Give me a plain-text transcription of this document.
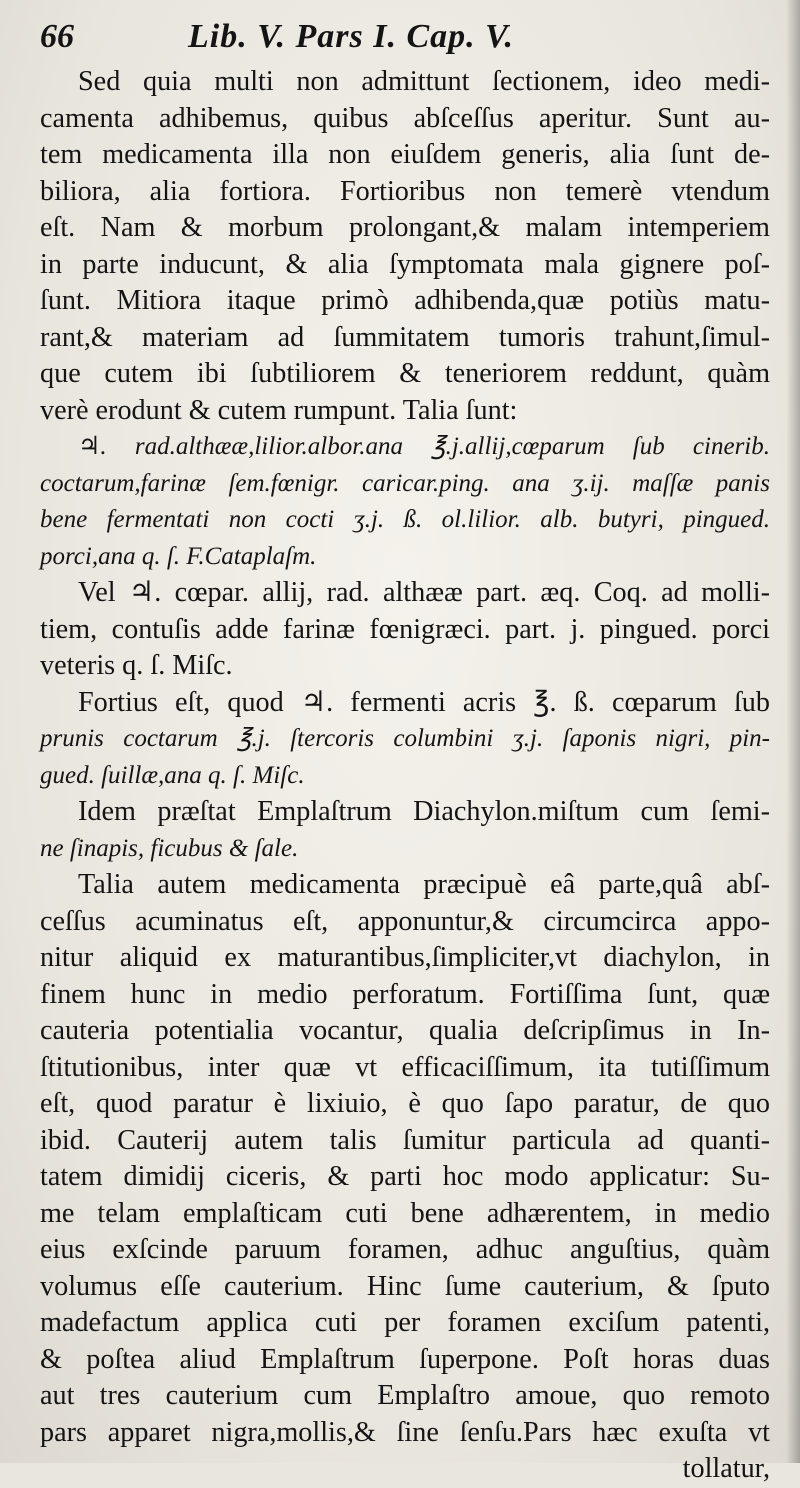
66	Lib. V. Pars I. Cap. V.
Sed quia multi non admittunt ſectionem, ideo medi-
camenta adhibemus, quibus abſceſſus aperitur. Sunt au-
tem medicamenta illa non eiuſdem generis, alia ſunt de-
biliora, alia fortiora. Fortioribus non temerè vtendum
eſt. Nam & morbum prolongant,& malam intemperiem
in parte inducunt, & alia ſymptomata mala gignere poſ-
ſunt. Mitiora itaque primò adhibenda,quæ potiùs matu-
rant,& materiam ad ſummitatem tumoris trahunt,ſimul-
que cutem ibi ſubtiliorem & teneriorem reddunt, quàm
verè erodunt & cutem rumpunt. Talia ſunt:
♃. rad.althææ,lilior.albor.ana ℥.j.allij,cœparum ſub cinerib.
coctarum,farinæ ſem.fœnigr. caricar.ping. ana ʒ.ij. maſſæ panis
bene fermentati non cocti ʒ.j. ß. ol.lilior. alb. butyri, pingued.
porci,ana q. ſ. F.Cataplaſm.
Vel ♃. cœpar. allij, rad. althææ part. æq. Coq. ad molli-
tiem, contuſis adde farinæ fœnigræci. part. j. pingued. porci
veteris q. ſ. Miſc.
Fortius eſt, quod ♃. fermenti acris ℥. ß. cœparum ſub
prunis coctarum ℥.j. ſtercoris columbini ʒ.j. ſaponis nigri, pin-
gued. ſuillæ,ana q. ſ. Miſc.
Idem præſtat Emplaſtrum Diachylon.miſtum cum ſemi-
ne ſinapis, ficubus & ſale.
Talia autem medicamenta præcipuè eâ parte,quâ abſ-
ceſſus acuminatus eſt, apponuntur,& circumcirca appo-
nitur aliquid ex maturantibus,ſimpliciter,vt diachylon, in
finem hunc in medio perforatum. Fortiſſima ſunt, quæ
cauteria potentialia vocantur, qualia deſcripſimus in In-
ſtitutionibus, inter quæ vt efficaciſſimum, ita tutiſſimum
eſt, quod paratur è lixiuio, è quo ſapo paratur, de quo
ibid. Cauterij autem talis ſumitur particula ad quanti-
tatem dimidij ciceris, & parti hoc modo applicatur: Su-
me telam emplaſticam cuti bene adhærentem, in medio
eius exſcinde paruum foramen, adhuc anguſtius, quàm
volumus eſſe cauterium. Hinc ſume cauterium, & ſputo
madefactum applica cuti per foramen exciſum patenti,
& poſtea aliud Emplaſtrum ſuperpone. Poſt horas duas
aut tres cauterium cum Emplaſtro amoue, quo remoto
pars apparet nigra,mollis,& ſine ſenſu.Pars hæc exuſta vt
tollatur,
